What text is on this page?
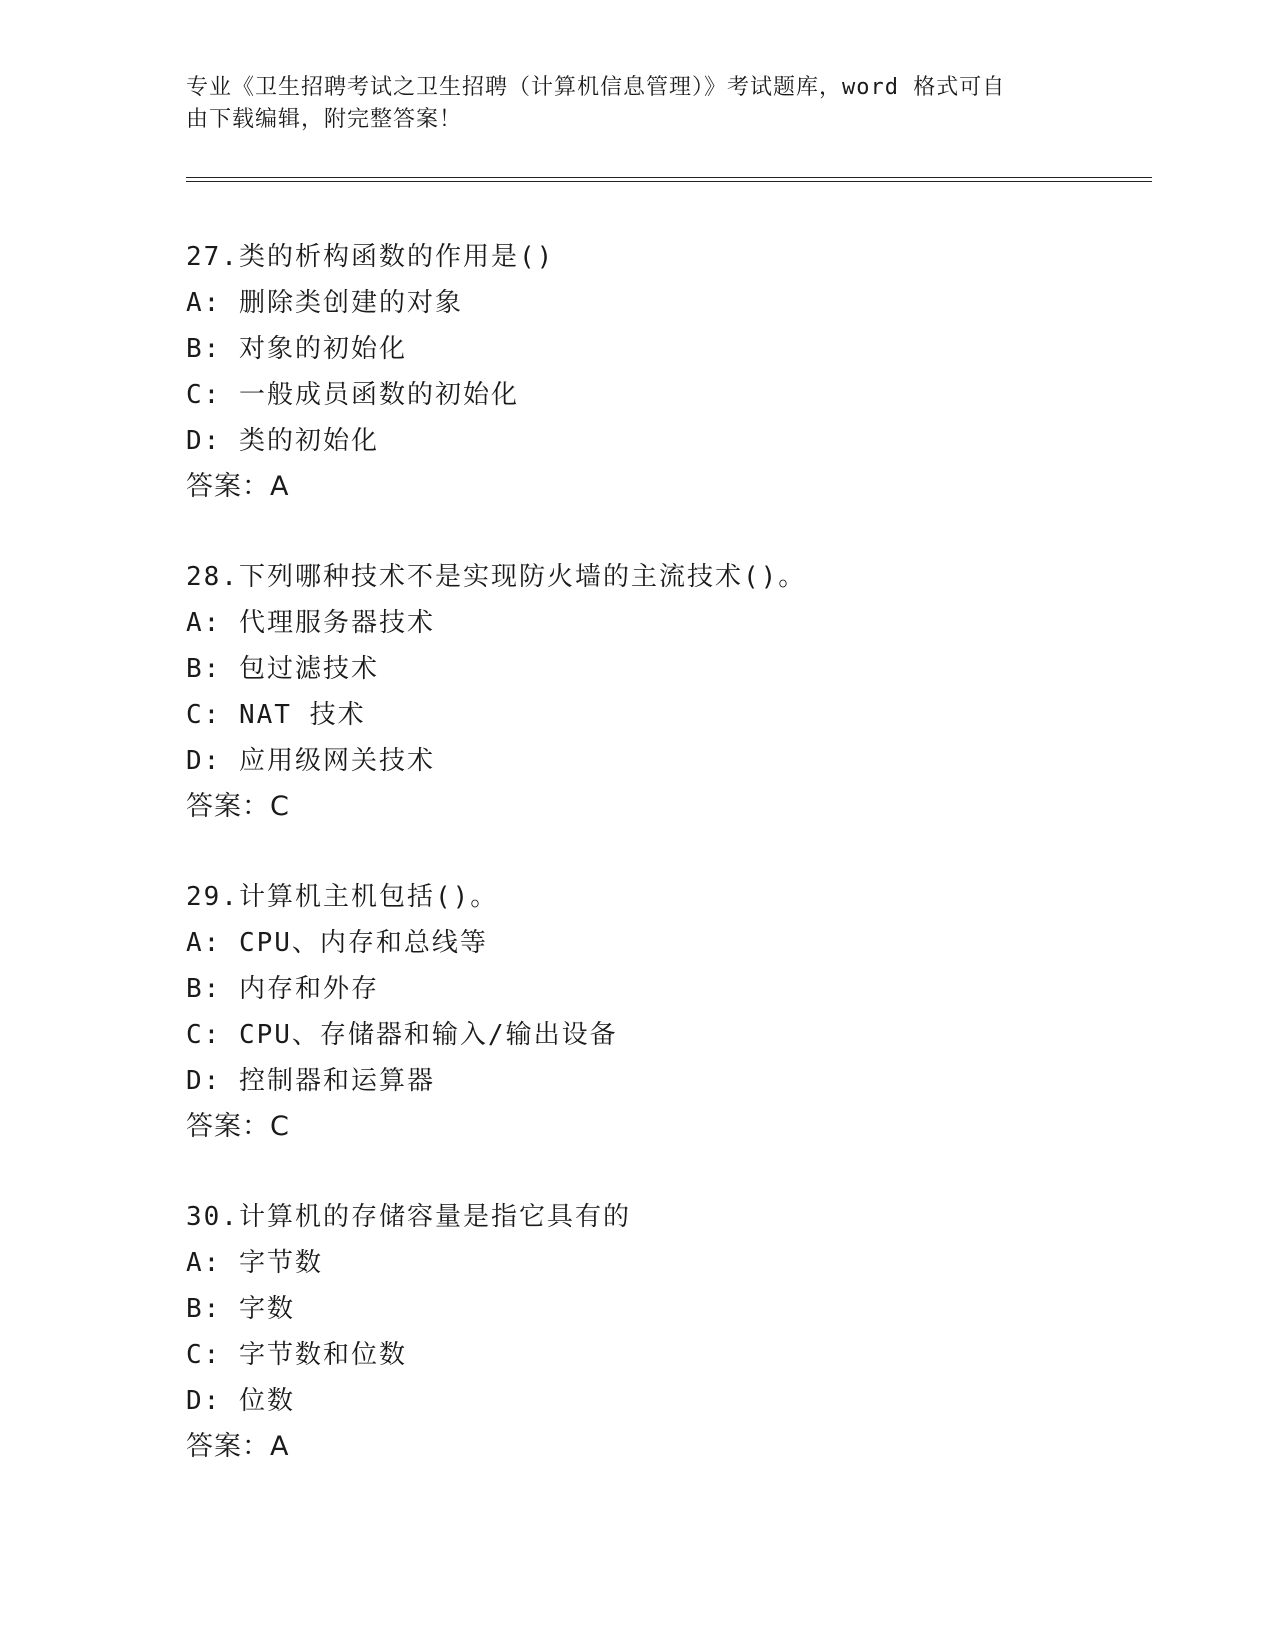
专业《卫生招聘考试之卫生招聘（计算机信息管理）》考试题库，word 格式可自
由下载编辑，附完整答案！
27.类的析构函数的作用是()
A: 删除类创建的对象
B: 对象的初始化
C: 一般成员函数的初始化
D: 类的初始化
答案：A
28.下列哪种技术不是实现防火墙的主流技术()。
A: 代理服务器技术
B: 包过滤技术
C: NAT 技术
D: 应用级网关技术
答案：C
29.计算机主机包括()。
A: CPU、内存和总线等
B: 内存和外存
C: CPU、存储器和输入/输出设备
D: 控制器和运算器
答案：C
30.计算机的存储容量是指它具有的
A: 字节数
B: 字数
C: 字节数和位数
D: 位数
答案：A
